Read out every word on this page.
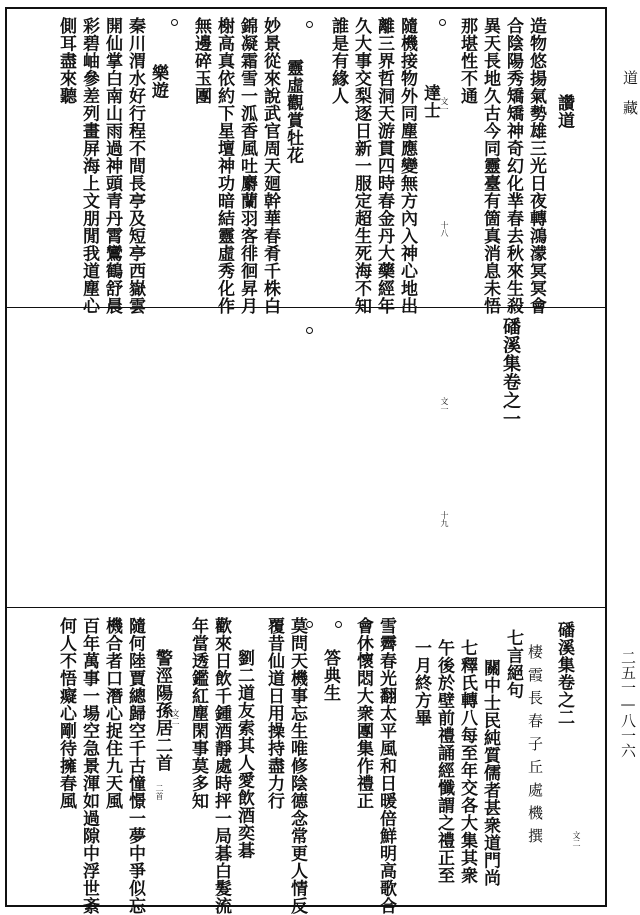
道　藏
二五一—八一六
讚道
造物悠揚氣勢雄三光日夜轉鴻濛冥冥會
合陰陽秀矯矯神奇幻化丵春去秋來生殺
異天長地久古今同靈臺有箇真消息未悟
那堪性不通
達士 文一
十八
隨機接物外同塵應變無方內入神心地出
離三界哲洞天游貫四時春金丹大藥經年
久大事交梨逐日新一服定超生死海不知
誰是有緣人
靈虛觀賞牡花
妙景從來說武官周天廻幹華春肴千株白
錦凝霜雪一泒香風吐麝蘭羽客徘徊昇月
榭高真依約下星壇神功暗結靈虛秀化作
無邊碎玉團
樂遊
秦川渭水好行程不間長亭及短亭西嶽雲
開仙掌白南山雨過神頭青丹霄鸞鶴舒晨
彩碧岫參差列畫屏海上文朋閒我道塵心
側耳盡來聽
磻溪集卷之一
文一
十九
磻溪集卷之二
棲霞長春子丘處機撰	文二
七言絕句
關中士民純質儒者甚衆道門尚
七釋氏轉八每至年交各大集其衆
午後於壁前禮誦經懺謂之禮正至
一月終方畢
雪霽春光翻太平風和日暖倍鮮明高歌合
會休懷悶大衆團集作禮正
答典生
莫問天機事忘生唯修陰德念常更人情反
覆昔仙道日用操持盡力行
劉二道友索其人愛飲酒奕碁
歡來日飲千鍾酒靜處時抨一局碁白髮流
年當透鑑紅塵閑事莫多知
文二
警涇陽孫居二首
二首
隨何陸賈總歸空千古憧憬一夢中爭似忘
機合者口潛心捉住九天風
百年萬事一場空急景渾如過隙中浮世紊
何人不悟癡心剛待擁春風
